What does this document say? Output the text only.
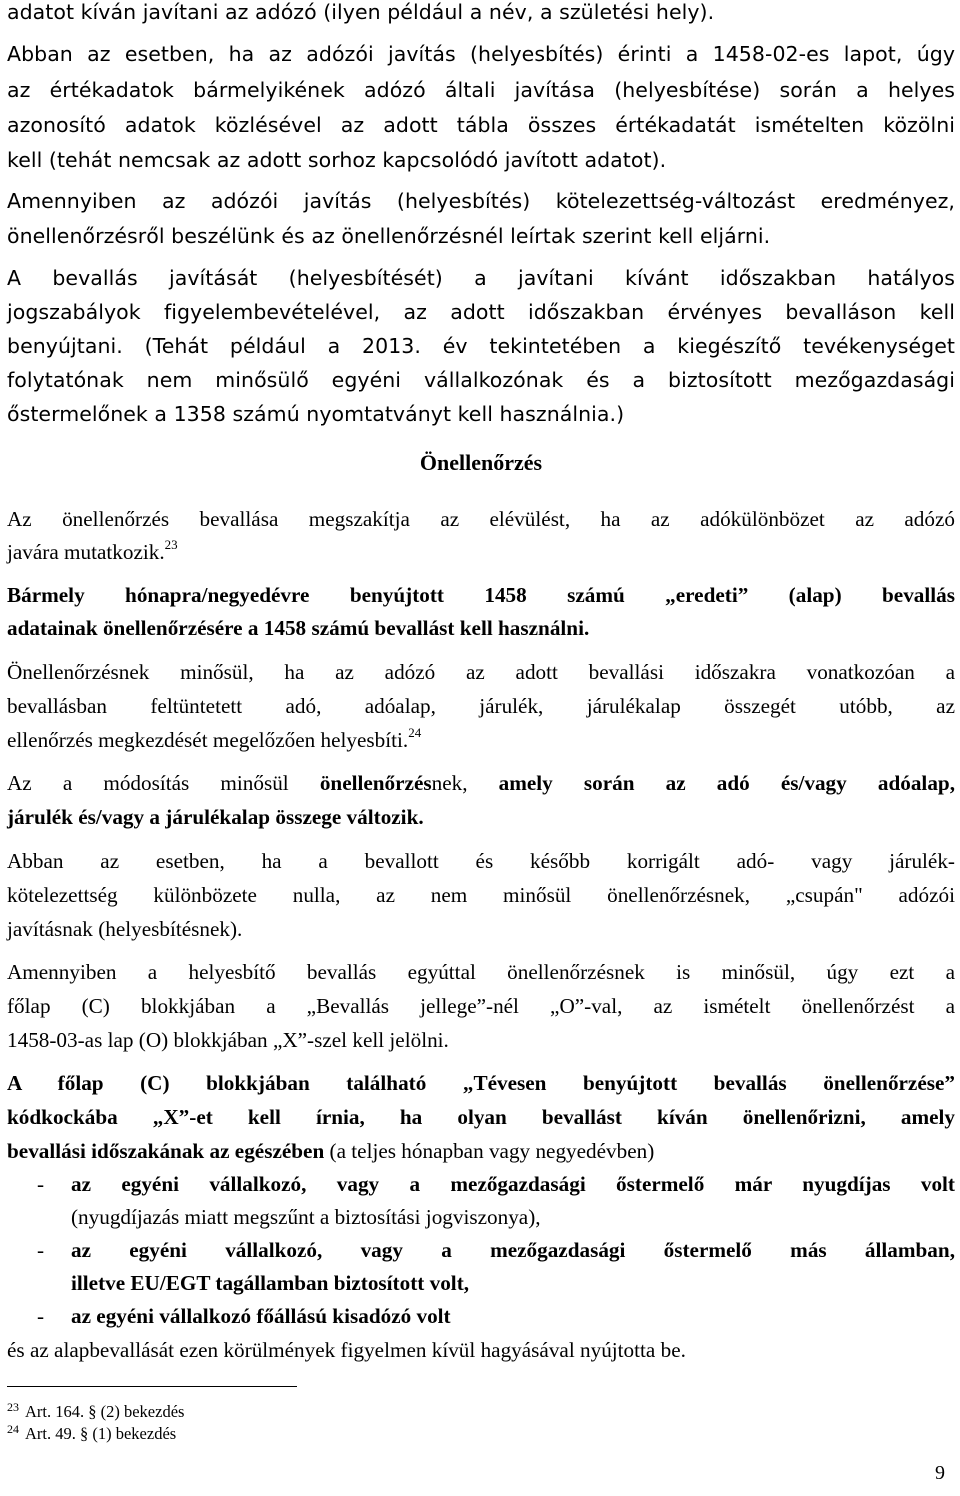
adatot kíván javítani az adózó (ilyen például a név, a születési hely).
Abban az esetben, ha az adózói javítás (helyesbítés) érinti a 1458-02-es lapot, úgy
az értékadatok bármelyikének adózó általi javítása (helyesbítése) során a helyes
azonosító adatok közlésével az adott tábla összes értékadatát ismételten közölni
kell (tehát nemcsak az adott sorhoz kapcsolódó javított adatot).
Amennyiben az adózói javítás (helyesbítés) kötelezettség-változást eredményez,
önellenőrzésről beszélünk és az önellenőrzésnél leírtak szerint kell eljárni.
A bevallás javítását (helyesbítését) a javítani kívánt időszakban hatályos
jogszabályok figyelembevételével, az adott időszakban érvényes bevalláson kell
benyújtani. (Tehát például a 2013. év tekintetében a kiegészítő tevékenységet
folytatónak nem minősülő egyéni vállalkozónak és a biztosított mezőgazdasági
őstermelőnek a 1358 számú nyomtatványt kell használnia.)
Önellenőrzés
Az önellenőrzés bevallása megszakítja az elévülést, ha az adókülönbözet az adózó
javára mutatkozik.$^{23}$
Bármely hónapra/negyedévre benyújtott 1458 számú „eredeti” (alap) bevallás
adatainak önellenőrzésére a 1458 számú bevallást kell használni.
Önellenőrzésnek minősül, ha az adózó az adott bevallási időszakra vonatkozóan a
bevallásban feltüntetett adó, adóalap, járulék, járulékalap összegét utóbb, az
ellenőrzés megkezdését megelőzően helyesbíti.$^{24}$
Az a módosítás minősül önellenőrzésnek, amely során az adó és/vagy adóalap,
járulék és/vagy a járulékalap összege változik.
Abban az esetben, ha a bevallott és később korrigált adó- vagy járulék-
kötelezettség különbözete nulla, az nem minősül önellenőrzésnek, „csupán" adózói
javításnak (helyesbítésnek).
Amennyiben a helyesbítő bevallás egyúttal önellenőrzésnek is minősül, úgy ezt a
főlap (C) blokkjában a „Bevallás jellege”-nél „O”-val, az ismételt önellenőrzést a
1458-03-as lap (O) blokkjában „X”-szel kell jelölni.
A főlap (C) blokkjában található „Tévesen benyújtott bevallás önellenőrzése”
kódkockába „X”-et kell írnia, ha olyan bevallást kíván önellenőrizni, amely
bevallási időszakának az egészében (a teljes hónapban vagy negyedévben)
- az egyéni vállalkozó, vagy a mezőgazdasági őstermelő már nyugdíjas volt
(nyugdíjazás miatt megszűnt a biztosítási jogviszonya),
- az egyéni vállalkozó, vagy a mezőgazdasági őstermelő más államban,
illetve EU/EGT tagállamban biztosított volt,
- az egyéni vállalkozó főállású kisadózó volt
és az alapbevallását ezen körülmények figyelmen kívül hagyásával nyújtotta be.
$^{23}$ Art. 164. § (2) bekezdés
$^{24}$ Art. 49. § (1) bekezdés
9
